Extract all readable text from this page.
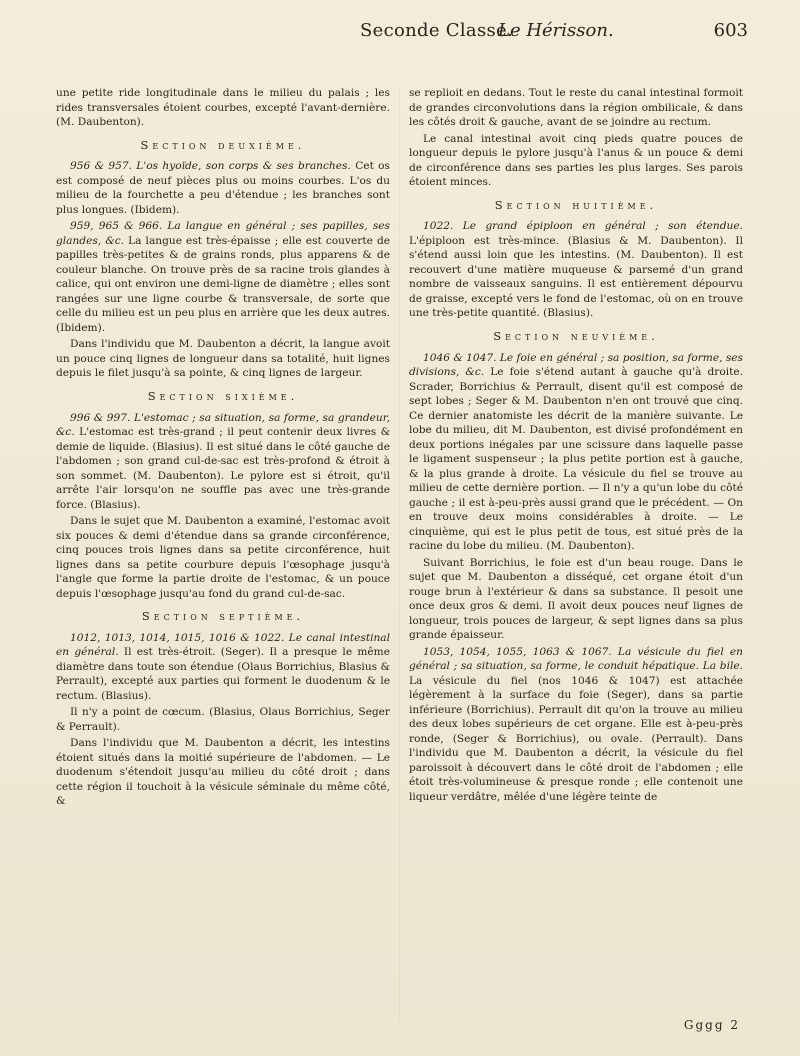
Seconde Classe.
Le Hérisson.	603

une petite ride longitudinale dans le milieu du palais ; les rides transversales étoient courbes, excepté l'avant-dernière. (M. Daubenton).

Section deuxième.

956 & 957. L'os hyoïde, son corps & ses branches. Cet os est composé de neuf pièces plus ou moins courbes. L'os du milieu de la fourchette a peu d'étendue ; les branches sont plus longues. (Ibidem).

959, 965 & 966. La langue en général ; ses papilles, ses glandes, &c. La langue est très-épaisse ; elle est couverte de papilles très-petites & de grains ronds, plus apparens & de couleur blanche. On trouve près de sa racine trois glandes à calice, qui ont environ une demi-ligne de diamètre ; elles sont rangées sur une ligne courbe & transversale, de sorte que celle du milieu est un peu plus en arrière que les deux autres. (Ibidem).

Dans l'individu que M. Daubenton a décrit, la langue avoit un pouce cinq lignes de longueur dans sa totalité, huit lignes depuis le filet jusqu'à sa pointe, & cinq lignes de largeur.

Section sixième.

996 & 997. L'estomac ; sa situation, sa forme, sa grandeur, &c. L'estomac est très-grand ; il peut contenir deux livres & demie de liquide. (Blasius). Il est situé dans le côté gauche de l'abdomen ; son grand cul-de-sac est très-profond & étroit à son sommet. (M. Daubenton). Le pylore est si étroit, qu'il arrête l'air lorsqu'on ne souffle pas avec une très-grande force. (Blasius).

Dans le sujet que M. Daubenton a examiné, l'estomac avoit six pouces & demi d'étendue dans sa grande circonférence, cinq pouces trois lignes dans sa petite circonférence, huit lignes dans sa petite courbure depuis l'œsophage jusqu'à l'angle que forme la partie droite de l'estomac, & un pouce depuis l'œsophage jusqu'au fond du grand cul-de-sac.

Section septième.

1012, 1013, 1014, 1015, 1016 & 1022. Le canal intestinal en général. Il est très-étroit. (Seger). Il a presque le même diamètre dans toute son étendue (Olaus Borrichius, Blasius & Perrault), excepté aux parties qui forment le duodenum & le rectum. (Blasius).

Il n'y a point de cœcum. (Blasius, Olaus Borrichius, Seger & Perrault).

Dans l'individu que M. Daubenton a décrit, les intestins étoient situés dans la moitié supérieure de l'abdomen. — Le duodenum s'étendoit jusqu'au milieu du côté droit ; dans cette région il touchoit à la vésicule séminale du même côté, &

se replioit en dedans. Tout le reste du canal intestinal formoit de grandes circonvolutions dans la région ombilicale, & dans les côtés droit & gauche, avant de se joindre au rectum.

Le canal intestinal avoit cinq pieds quatre pouces de longueur depuis le pylore jusqu'à l'anus & un pouce & demi de circonférence dans ses parties les plus larges. Ses parois étoient minces.

Section huitième.

1022. Le grand épiploon en général ; son étendue. L'épiploon est très-mince. (Blasius & M. Daubenton). Il s'étend aussi loin que les intestins. (M. Daubenton). Il est recouvert d'une matière muqueuse & parsemé d'un grand nombre de vaisseaux sanguins. Il est entièrement dépourvu de graisse, excepté vers le fond de l'estomac, où on en trouve une très-petite quantité. (Blasius).

Section neuvième.

1046 & 1047. Le foie en général ; sa position, sa forme, ses divisions, &c. Le foie s'étend autant à gauche qu'à droite. Scrader, Borrichius & Perrault, disent qu'il est composé de sept lobes ; Seger & M. Daubenton n'en ont trouvé que cinq. Ce dernier anatomiste les décrit de la manière suivante. Le lobe du milieu, dit M. Daubenton, est divisé profondément en deux portions inégales par une scissure dans laquelle passe le ligament suspenseur ; la plus petite portion est à gauche, & la plus grande à droite. La vésicule du fiel se trouve au milieu de cette dernière portion. — Il n'y a qu'un lobe du côté gauche ; il est à-peu-près aussi grand que le précédent. — On en trouve deux moins considérables à droite. — Le cinquième, qui est le plus petit de tous, est situé près de la racine du lobe du milieu. (M. Daubenton).

Suivant Borrichius, le foie est d'un beau rouge. Dans le sujet que M. Daubenton a disséqué, cet organe étoit d'un rouge brun à l'extérieur & dans sa substance. Il pesoit une once deux gros & demi. Il avoit deux pouces neuf lignes de longueur, trois pouces de largeur, & sept lignes dans sa plus grande épaisseur.

1053, 1054, 1055, 1063 & 1067. La vésicule du fiel en général ; sa situation, sa forme, le conduit hépatique. La bile. La vésicule du fiel (nos 1046 & 1047) est attachée légèrement à la surface du foie (Seger), dans sa partie inférieure (Borrichius). Perrault dit qu'on la trouve au milieu des deux lobes supérieurs de cet organe. Elle est à-peu-près ronde, (Seger & Borrichius), ou ovale. (Perrault). Dans l'individu que M. Daubenton a décrit, la vésicule du fiel paroissoit à découvert dans le côté droit de l'abdomen ; elle étoit très-volumineuse & presque ronde ; elle contenoit une liqueur verdâtre, mêlée d'une légère teinte de

Gggg 2
